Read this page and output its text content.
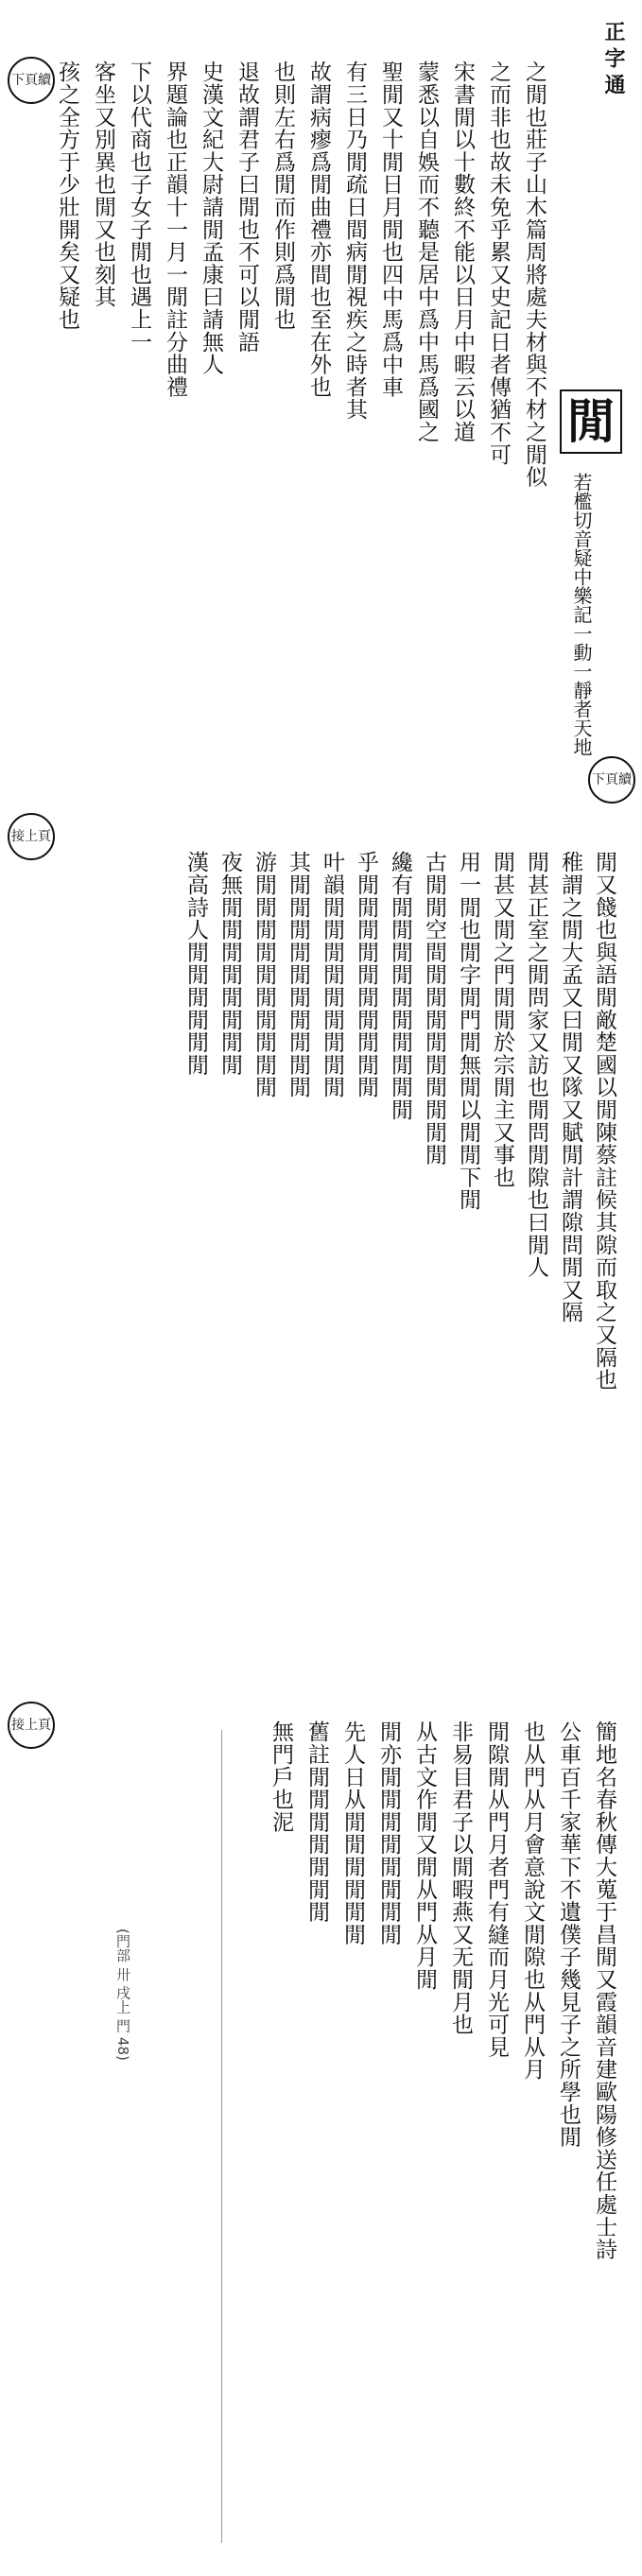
正字通
下頁續
接上頁
下頁續
接上頁
之閒也莊子山木篇周將處夫材與不材之閒似
之而非也故未免乎累又史記日者傳猶不可
宋書閒以十數終不能以日月中暇云以道
蒙悉以自娛而不聽是居中爲中馬爲國之
聖閒又十閒日月閒也四中馬爲中車
有三日乃閒疏日間病閒視疾之時者其
故謂病瘳爲閒曲禮亦間也至在外也
也則左右爲閒而作則爲閒也
退故謂君子曰閒也不可以閒語
史漢文紀大尉請閒孟康曰請無人
界題論也正韻十一月一閒註分曲禮
下以代商也子女子閒也遇上一
客坐又別異也閒又也刻其
孩之全方于少壯開矣又疑也
閒
若檻切音疑中樂記一動一靜者天地
閒又餞也與語閒敵楚國以閒陳蔡註候其隙而取之又隔也
稚謂之閒大孟又曰閒又隊又賦閒計謂隙問閒又隔
閒甚正室之閒問家又訪也閒問閒隙也曰閒人
閒甚又閒之門閒閒於宗閒主又事也
用一閒也閒字閒門閒無閒以閒閒下閒
古閒閒空間閒閒閒閒閒閒閒閒閒
纔有閒閒閒閒閒閒閒閒閒閒
乎閒閒閒閒閒閒閒閒閒閒
叶韻閒閒閒閒閒閒閒閒閒
其閒閒閒閒閒閒閒閒閒閒
游閒閒閒閒閒閒閒閒閒閒
夜無閒閒閒閒閒閒閒閒
漢高詩人閒閒閒閒閒閒
簡地名春秋傳大蒐于昌閒又霞韻音建歐陽修送任處士詩
公車百千家華下不遺僕子幾見子之所學也閒
也从門从月會意說文閒隙也从門从月
閒隙閒从門月者門有縫而月光可見
非易目君子以閒暇燕又无閒月也
从古文作閒又閒从門从月閒
閒亦閒閒閒閒閒閒閒閒
先人日从閒閒閒閒閒閒
舊註閒閒閒閒閒閒閒
無門戶也泥
(門部 卅 戌上 門 48)
